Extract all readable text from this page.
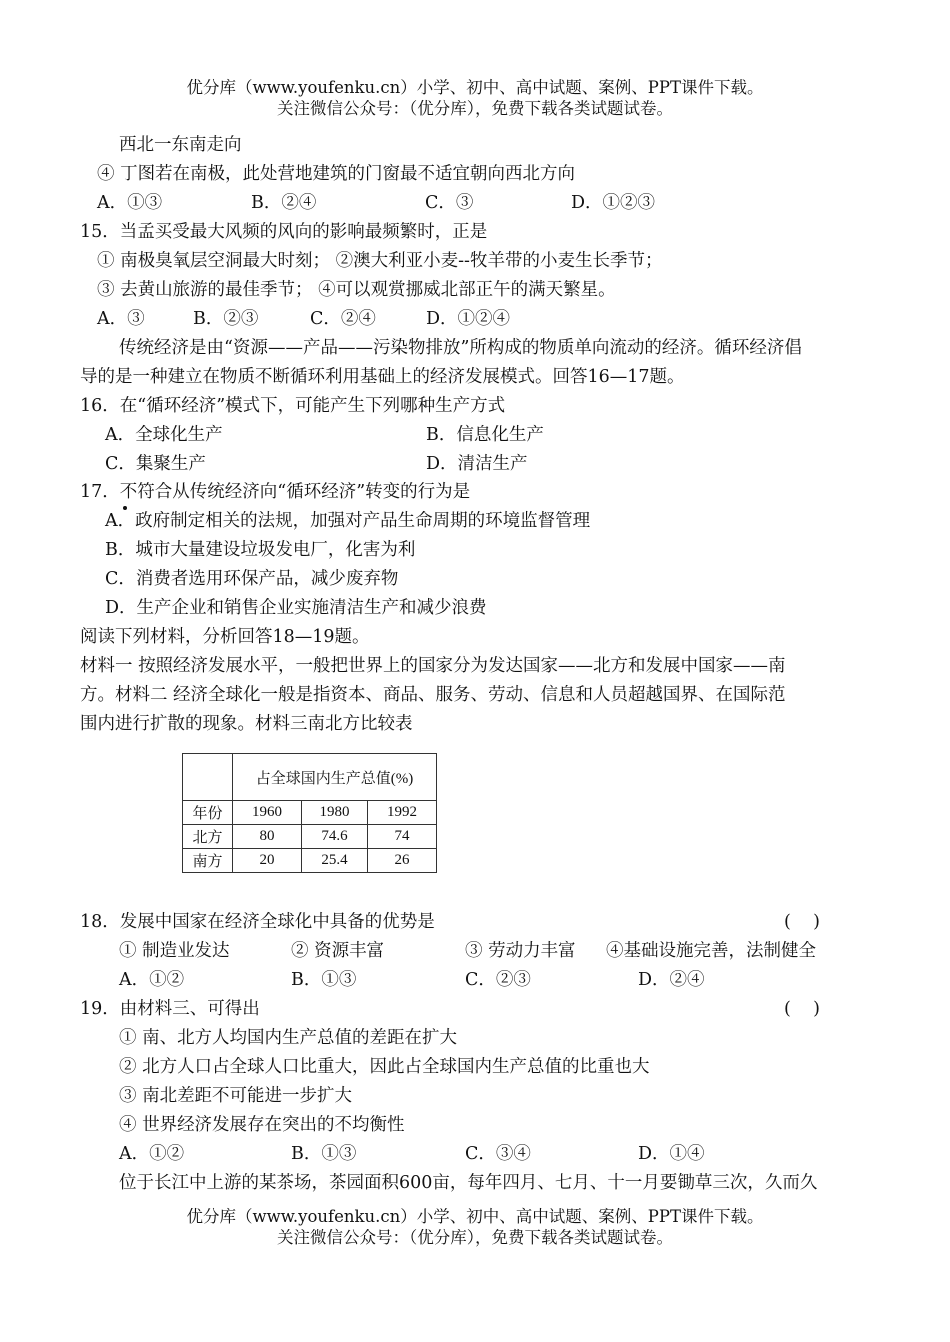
优分库（www.youfenku.cn）小学、初中、高中试题、案例、PPT课件下载。
关注微信公众号：（优分库），免费下载各类试题试卷。
西北一东南走向
④ 丁图若在南极，此处营地建筑的门窗最不适宜朝向西北方向
A．①③	B．②④	C．③	D．①②③
15．当孟买受最大风频的风向的影响最频繁时，正是
① 南极臭氧层空洞最大时刻； ②澳大利亚小麦--牧羊带的小麦生长季节；
③ 去黄山旅游的最佳季节； ④可以观赏挪威北部正午的满天繁星。
A．③	B．②③	C．②④	D．①②④
传统经济是由“资源——产品——污染物排放”所构成的物质单向流动的经济。循环经济倡
导的是一种建立在物质不断循环利用基础上的经济发展模式。回答16—17题。
16．在“循环经济”模式下，可能产生下列哪种生产方式
A．全球化生产	B．信息化生产
C．集聚生产	D．清洁生产
17．不符合从传统经济向“循环经济”转变的行为是
A．政府制定相关的法规，加强对产品生命周期的环境监督管理
B．城市大量建设垃圾发电厂，化害为利
C．消费者选用环保产品，减少废弃物
D．生产企业和销售企业实施清洁生产和减少浪费
阅读下列材料，分析回答18—19题。
材料一 按照经济发展水平，一般把世界上的国家分为发达国家——北方和发展中国家——南
方。材料二 经济全球化一般是指资本、商品、服务、劳动、信息和人员超越国界、在国际范
围内进行扩散的现象。材料三南北方比较表
	占全球国内生产总值(%)		
年份	1960	1980	1992
北方	80	74.6	74
南方	20	25.4	26
18．发展中国家在经济全球化中具备的优势是	(    )
① 制造业发达	② 资源丰富	③ 劳动力丰富 ④基础设施完善，法制健全
A．①②	B．①③	C．②③	D．②④
19．由材料三、可得出	(    )
① 南、北方人均国内生产总值的差距在扩大
② 北方人口占全球人口比重大，因此占全球国内生产总值的比重也大
③ 南北差距不可能进一步扩大
④ 世界经济发展存在突出的不均衡性
A．①②	B．①③	C．③④	D．①④
位于长江中上游的某茶场，茶园面积600亩，每年四月、七月、十一月要锄草三次，久而久
优分库（www.youfenku.cn）小学、初中、高中试题、案例、PPT课件下载。
关注微信公众号：（优分库），免费下载各类试题试卷。
